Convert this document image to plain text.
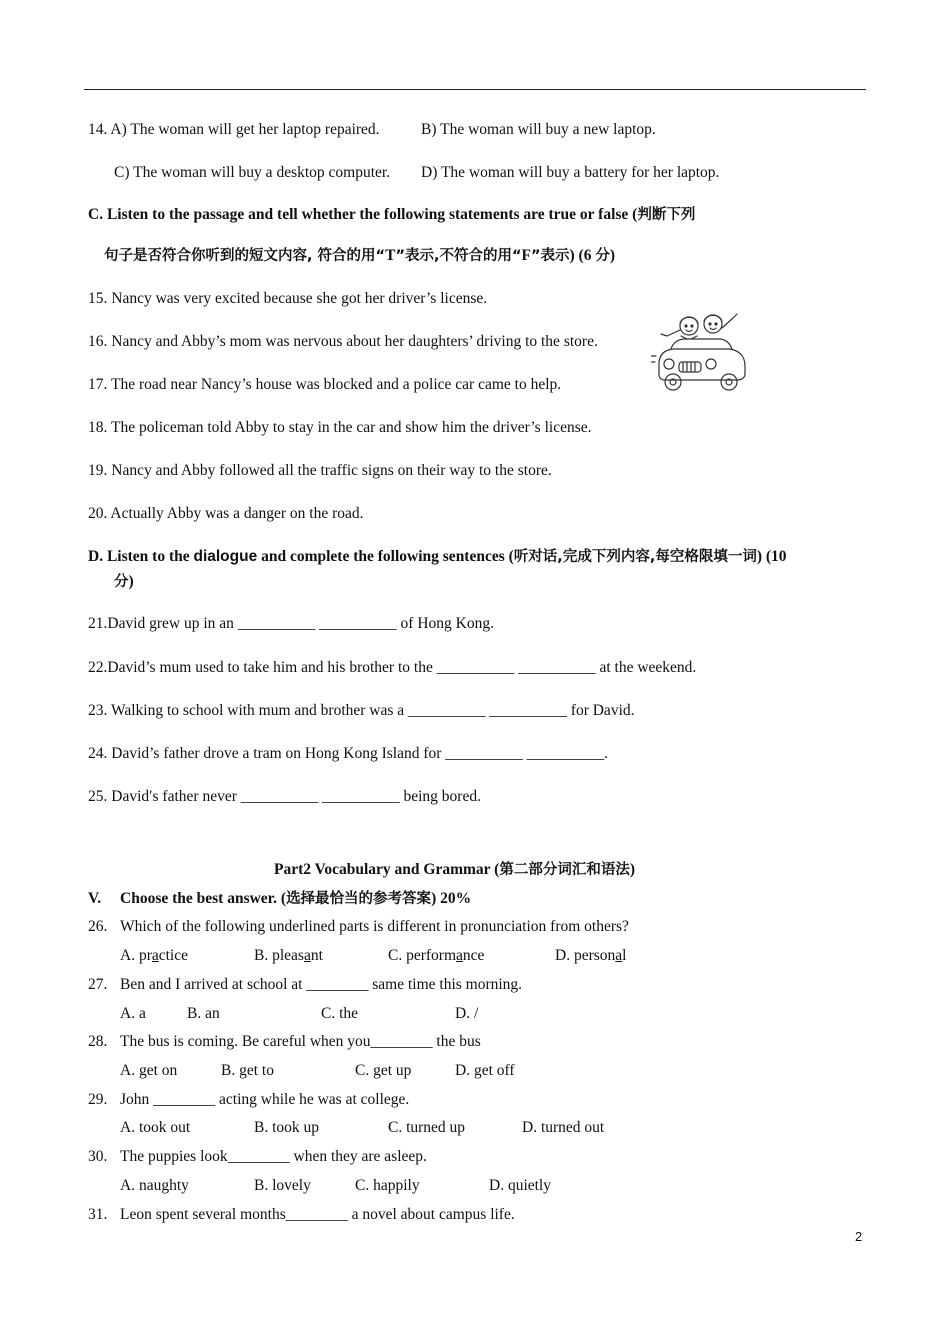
14. A) The woman will get her laptop repaired.	B) The woman will buy a new laptop.
C) The woman will buy a desktop computer. D) The woman will buy a battery for her laptop.
C. Listen to the passage and tell whether the following statements are true or false (判断下列
句子是否符合你听到的短文内容, 符合的用“T”表示,不符合的用“F”表示) (6 分)
15. Nancy was very excited because she got her driver’s license.
16. Nancy and Abby’s mom was nervous about her daughters’ driving to the store.
17. The road near Nancy’s house was blocked and a police car came to help.
18. The policeman told Abby to stay in the car and show him the driver’s license.
19. Nancy and Abby followed all the traffic signs on their way to the store.
20. Actually Abby was a danger on the road.
D. Listen to the dialogue and complete the following sentences (听对话,完成下列内容,每空格限填一词) (10
分)
21.David grew up in an __________ __________ of Hong Kong.
22.David’s mum used to take him and his brother to the __________ __________ at the weekend.
23. Walking to school with mum and brother was a __________ __________ for David.
24. David’s father drove a tram on Hong Kong Island for __________ __________.
25. David′s father never __________ __________ being bored.
Part2 Vocabulary and Grammar (第二部分词汇和语法)
V. Choose the best answer. (选择最恰当的参考答案) 20%
26. Which of the following underlined parts is different in pronunciation from others?
A. practice	B. pleasant	C. performance	D. personal
27. Ben and I arrived at school at ________ same time this morning.
A. a	B. an	C. the	D. /
28. The bus is coming. Be careful when you________ the bus
A. get on	B. get to	C. get up	D. get off
29. John ________ acting while he was at college.
A. took out	B. took up	C. turned up	D. turned out
30. The puppies look________ when they are asleep.
A. naughty	B. lovely	C. happily	D. quietly
31. Leon spent several months________ a novel about campus life.
2
